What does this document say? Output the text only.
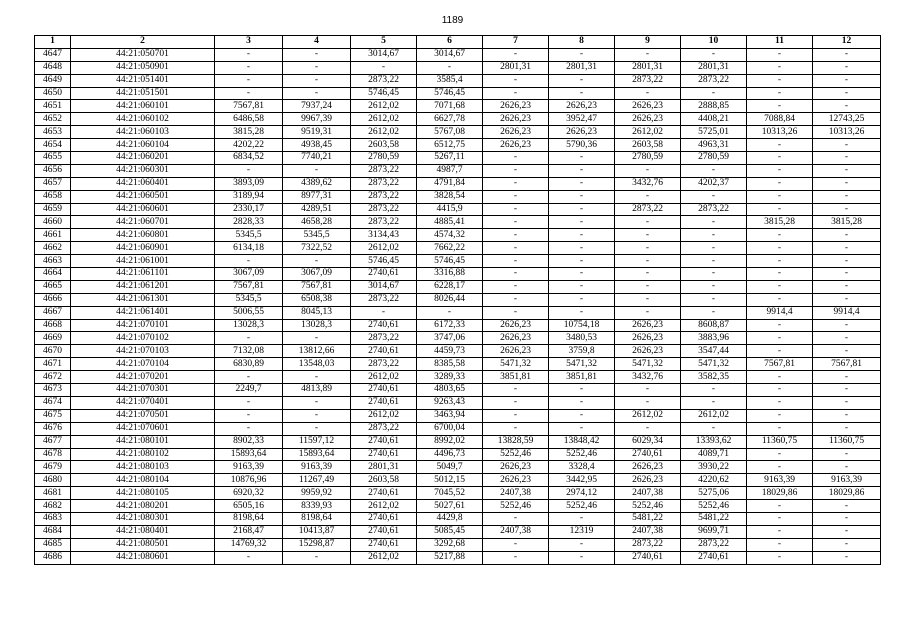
1189
1	2	3	4	5	6	7	8	9	10	11	12
4647	44:21:050701	-	-	3014,67	3014,67	-	-	-	-	-	-
4648	44:21:050901	-	-	-	-	2801,31	2801,31	2801,31	2801,31	-	-
4649	44:21:051401	-	-	2873,22	3585,4	-	-	2873,22	2873,22	-	-
4650	44:21:051501	-	-	5746,45	5746,45	-	-	-	-	-	-
4651	44:21:060101	7567,81	7937,24	2612,02	7071,68	2626,23	2626,23	2626,23	2888,85	-	-
4652	44:21:060102	6486,58	9967,39	2612,02	6627,78	2626,23	3952,47	2626,23	4408,21	7088,84	12743,25
4653	44:21:060103	3815,28	9519,31	2612,02	5767,08	2626,23	2626,23	2612,02	5725,01	10313,26	10313,26
4654	44:21:060104	4202,22	4938,45	2603,58	6512,75	2626,23	5790,36	2603,58	4963,31	-	-
4655	44:21:060201	6834,52	7740,21	2780,59	5267,11	-	-	2780,59	2780,59	-	-
4656	44:21:060301	-	-	2873,22	4987,7	-	-	-	-	-	-
4657	44:21:060401	3893,09	4389,62	2873,22	4791,84	-	-	3432,76	4202,37	-	-
4658	44:21:060501	3189,94	8977,31	2873,22	3828,54	-	-	-	-	-	-
4659	44:21:060601	2330,17	4289,51	2873,22	4415,9	-	-	2873,22	2873,22	-	-
4660	44:21:060701	2828,33	4658,28	2873,22	4885,41	-	-	-	-	3815,28	3815,28
4661	44:21:060801	5345,5	5345,5	3134,43	4574,32	-	-	-	-	-	-
4662	44:21:060901	6134,18	7322,52	2612,02	7662,22	-	-	-	-	-	-
4663	44:21:061001	-	-	5746,45	5746,45	-	-	-	-	-	-
4664	44:21:061101	3067,09	3067,09	2740,61	3316,88	-	-	-	-	-	-
4665	44:21:061201	7567,81	7567,81	3014,67	6228,17	-	-	-	-	-	-
4666	44:21:061301	5345,5	6508,38	2873,22	8026,44	-	-	-	-	-	-
4667	44:21:061401	5006,55	8045,13	-	-	-	-	-	-	9914,4	9914,4
4668	44:21:070101	13028,3	13028,3	2740,61	6172,33	2626,23	10754,18	2626,23	8608,87	-	-
4669	44:21:070102	-	-	2873,22	3747,06	2626,23	3480,53	2626,23	3883,96	-	-
4670	44:21:070103	7132,08	13812,66	2740,61	4459,73	2626,23	3759,8	2626,23	3547,44	-	-
4671	44:21:070104	6830,89	13548,03	2873,22	8385,58	5471,32	5471,32	5471,32	5471,32	7567,81	7567,81
4672	44:21:070201	-	-	2612,02	3289,33	3851,81	3851,81	3432,76	3582,35	-	-
4673	44:21:070301	2249,7	4813,89	2740,61	4803,65	-	-	-	-	-	-
4674	44:21:070401	-	-	2740,61	9263,43	-	-	-	-	-	-
4675	44:21:070501	-	-	2612,02	3463,94	-	-	2612,02	2612,02	-	-
4676	44:21:070601	-	-	2873,22	6700,04	-	-	-	-	-	-
4677	44:21:080101	8902,33	11597,12	2740,61	8992,02	13828,59	13848,42	6029,34	13393,62	11360,75	11360,75
4678	44:21:080102	15893,64	15893,64	2740,61	4496,73	5252,46	5252,46	2740,61	4089,71	-	-
4679	44:21:080103	9163,39	9163,39	2801,31	5049,7	2626,23	3328,4	2626,23	3930,22	-	-
4680	44:21:080104	10876,96	11267,49	2603,58	5012,15	2626,23	3442,95	2626,23	4220,62	9163,39	9163,39
4681	44:21:080105	6920,32	9959,92	2740,61	7045,52	2407,38	2974,12	2407,38	5275,06	18029,86	18029,86
4682	44:21:080201	6505,16	8339,93	2612,02	5027,61	5252,46	5252,46	5252,46	5252,46	-	-
4683	44:21:080301	8198,64	8198,64	2740,61	4429,8	-	-	5481,22	5481,22	-	-
4684	44:21:080401	2168,47	10413,87	2740,61	5085,45	2407,38	12319	2407,38	9699,71	-	-
4685	44:21:080501	14769,32	15298,87	2740,61	3292,68	-	-	2873,22	2873,22	-	-
4686	44:21:080601	-	-	2612,02	5217,88	-	-	2740,61	2740,61	-	-
